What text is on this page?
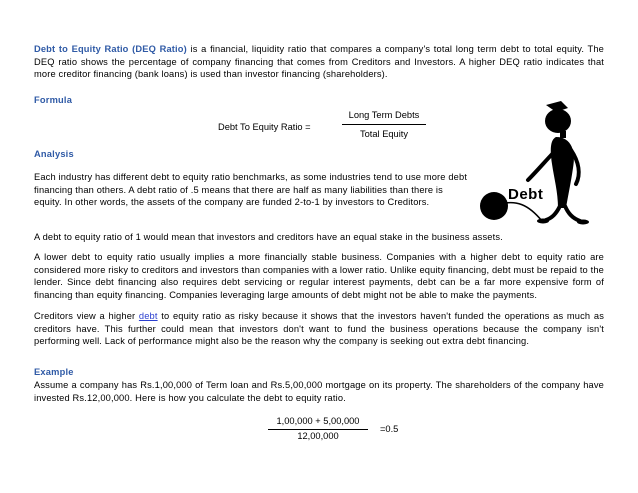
Debt to Equity Ratio (DEQ Ratio) is a financial, liquidity ratio that compares a company's total long term debt to total equity. The DEQ ratio shows the percentage of company financing that comes from Creditors and Investors. A higher DEQ ratio indicates that more creditor financing (bank loans) is used than investor financing (shareholders).
Formula
Debt To Equity Ratio =
Long Term Debts
Total Equity
Analysis
Each industry has different debt to equity ratio benchmarks, as some industries tend to use more debt financing than others. A debt ratio of .5 means that there are half as many liabilities than there is equity. In other words, the assets of the company are funded 2-to-1 by investors to Creditors.
A debt to equity ratio of 1 would mean that investors and creditors have an equal stake in the business assets.
A lower debt to equity ratio usually implies a more financially stable business. Companies with a higher debt to equity ratio are considered more risky to creditors and investors than companies with a lower ratio. Unlike equity financing, debt must be repaid to the lender. Since debt financing also requires debt servicing or regular interest payments, debt can be a far more expensive form of financing than equity financing. Companies leveraging large amounts of debt might not be able to make the payments.
Creditors view a higher debt to equity ratio as risky because it shows that the investors haven't funded the operations as much as creditors have. This further could mean that investors don't want to fund the business operations because the company isn't performing well. Lack of performance might also be the reason why the company is seeking out extra debt financing.
Example
Assume a company has Rs.1,00,000 of Term loan and Rs.5,00,000 mortgage on its property. The shareholders of the company have invested Rs.12,00,000. Here is how you calculate the debt to equity ratio.
1,00,000 + 5,00,000
12,00,000
=0.5
Debt
